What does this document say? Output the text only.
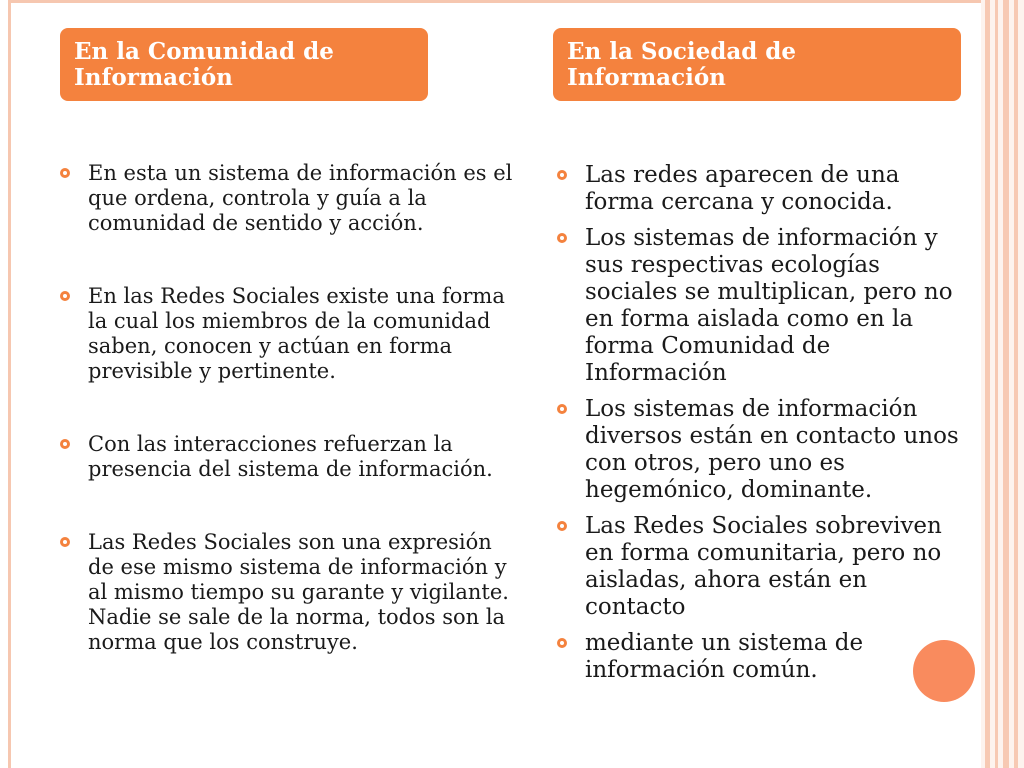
En la Comunidad de Información
En la Sociedad de Información
En esta un sistema de información es el que ordena, controla y guía a la comunidad de sentido y acción.
En las Redes Sociales existe una forma la cual los miembros de la comunidad saben, conocen y actúan en forma previsible y pertinente.
Con las interacciones refuerzan la presencia del sistema de información.
Las Redes Sociales son una expresión de ese mismo sistema de información y al mismo tiempo su garante y vigilante. Nadie se sale de la norma, todos son la norma que los construye.
Las redes aparecen de una forma cercana y conocida.
Los sistemas de información y sus respectivas ecologías sociales se multiplican, pero no en forma aislada como en la forma Comunidad de Información
Los sistemas de información diversos están en contacto unos con otros, pero uno es hegemónico, dominante.
Las Redes Sociales sobreviven en forma comunitaria, pero no aisladas, ahora están en contacto
mediante un sistema de información común.
